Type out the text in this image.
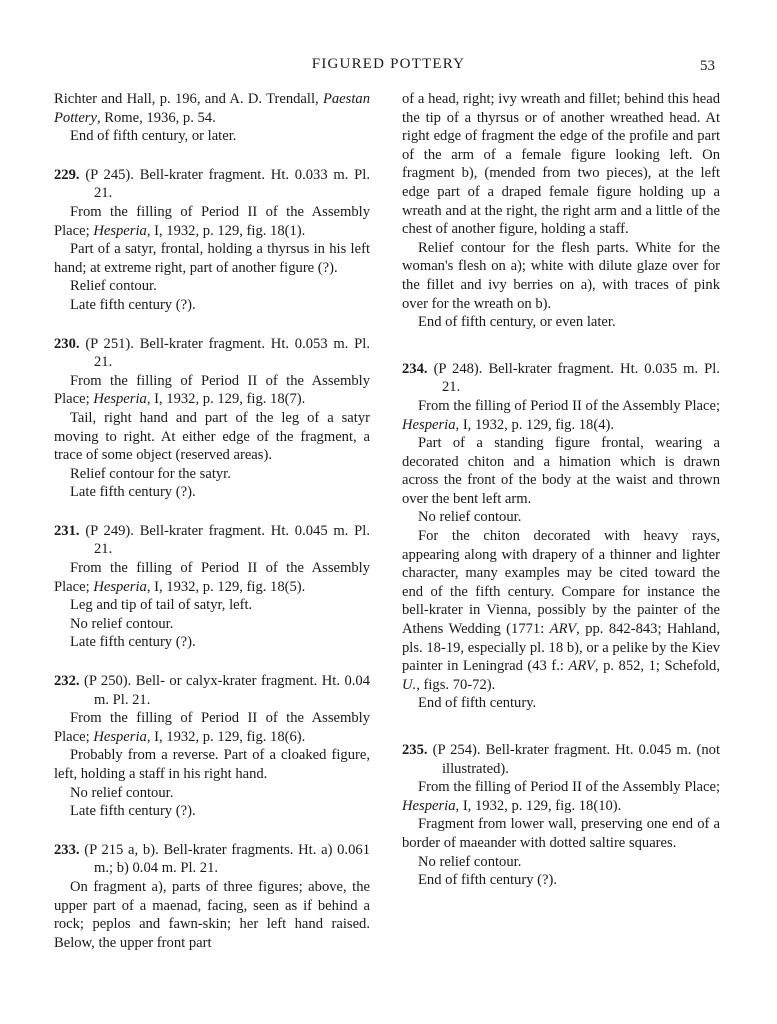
FIGURED POTTERY	53

Richter and Hall, p. 196, and A. D. Trendall, Paestan Pottery, Rome, 1936, p. 54.

End of fifth century, or later.

229. (P 245). Bell-krater fragment. Ht. 0.033 m. Pl. 21.

From the filling of Period II of the Assembly Place; Hesperia, I, 1932, p. 129, fig. 18(1).

Part of a satyr, frontal, holding a thyrsus in his left hand; at extreme right, part of another figure (?).

Relief contour.

Late fifth century (?).

230. (P 251). Bell-krater fragment. Ht. 0.053 m. Pl. 21.

From the filling of Period II of the Assembly Place; Hesperia, I, 1932, p. 129, fig. 18(7).

Tail, right hand and part of the leg of a satyr moving to right. At either edge of the fragment, a trace of some object (reserved areas).

Relief contour for the satyr.

Late fifth century (?).

231. (P 249). Bell-krater fragment. Ht. 0.045 m. Pl. 21.

From the filling of Period II of the Assembly Place; Hesperia, I, 1932, p. 129, fig. 18(5).

Leg and tip of tail of satyr, left.

No relief contour.

Late fifth century (?).

232. (P 250). Bell- or calyx-krater fragment. Ht. 0.04 m. Pl. 21.

From the filling of Period II of the Assembly Place; Hesperia, I, 1932, p. 129, fig. 18(6).

Probably from a reverse. Part of a cloaked figure, left, holding a staff in his right hand.

No relief contour.

Late fifth century (?).

233. (P 215 a, b). Bell-krater fragments. Ht. a) 0.061 m.; b) 0.04 m. Pl. 21.

On fragment a), parts of three figures; above, the upper part of a maenad, facing, seen as if behind a rock; peplos and fawn-skin; her left hand raised. Below, the upper front part

of a head, right; ivy wreath and fillet; behind this head the tip of a thyrsus or of another wreathed head. At right edge of fragment the edge of the profile and part of the arm of a female figure looking left. On fragment b), (mended from two pieces), at the left edge part of a draped female figure holding up a wreath and at the right, the right arm and a little of the chest of another figure, holding a staff.

Relief contour for the flesh parts. White for the woman's flesh on a); white with dilute glaze over for the fillet and ivy berries on a), with traces of pink over for the wreath on b).

End of fifth century, or even later.

234. (P 248). Bell-krater fragment. Ht. 0.035 m. Pl. 21.

From the filling of Period II of the Assembly Place; Hesperia, I, 1932, p. 129, fig. 18(4).

Part of a standing figure frontal, wearing a decorated chiton and a himation which is drawn across the front of the body at the waist and thrown over the bent left arm.

No relief contour.

For the chiton decorated with heavy rays, appearing along with drapery of a thinner and lighter character, many examples may be cited toward the end of the fifth century. Compare for instance the bell-krater in Vienna, possibly by the painter of the Athens Wedding (1771: ARV, pp. 842-843; Hahland, pls. 18-19, especially pl. 18 b), or a pelike by the Kiev painter in Leningrad (43 f.: ARV, p. 852, 1; Schefold, U., figs. 70-72).

End of fifth century.

235. (P 254). Bell-krater fragment. Ht. 0.045 m. (not illustrated).

From the filling of Period II of the Assembly Place; Hesperia, I, 1932, p. 129, fig. 18(10).

Fragment from lower wall, preserving one end of a border of maeander with dotted saltire squares.

No relief contour.

End of fifth century (?).
